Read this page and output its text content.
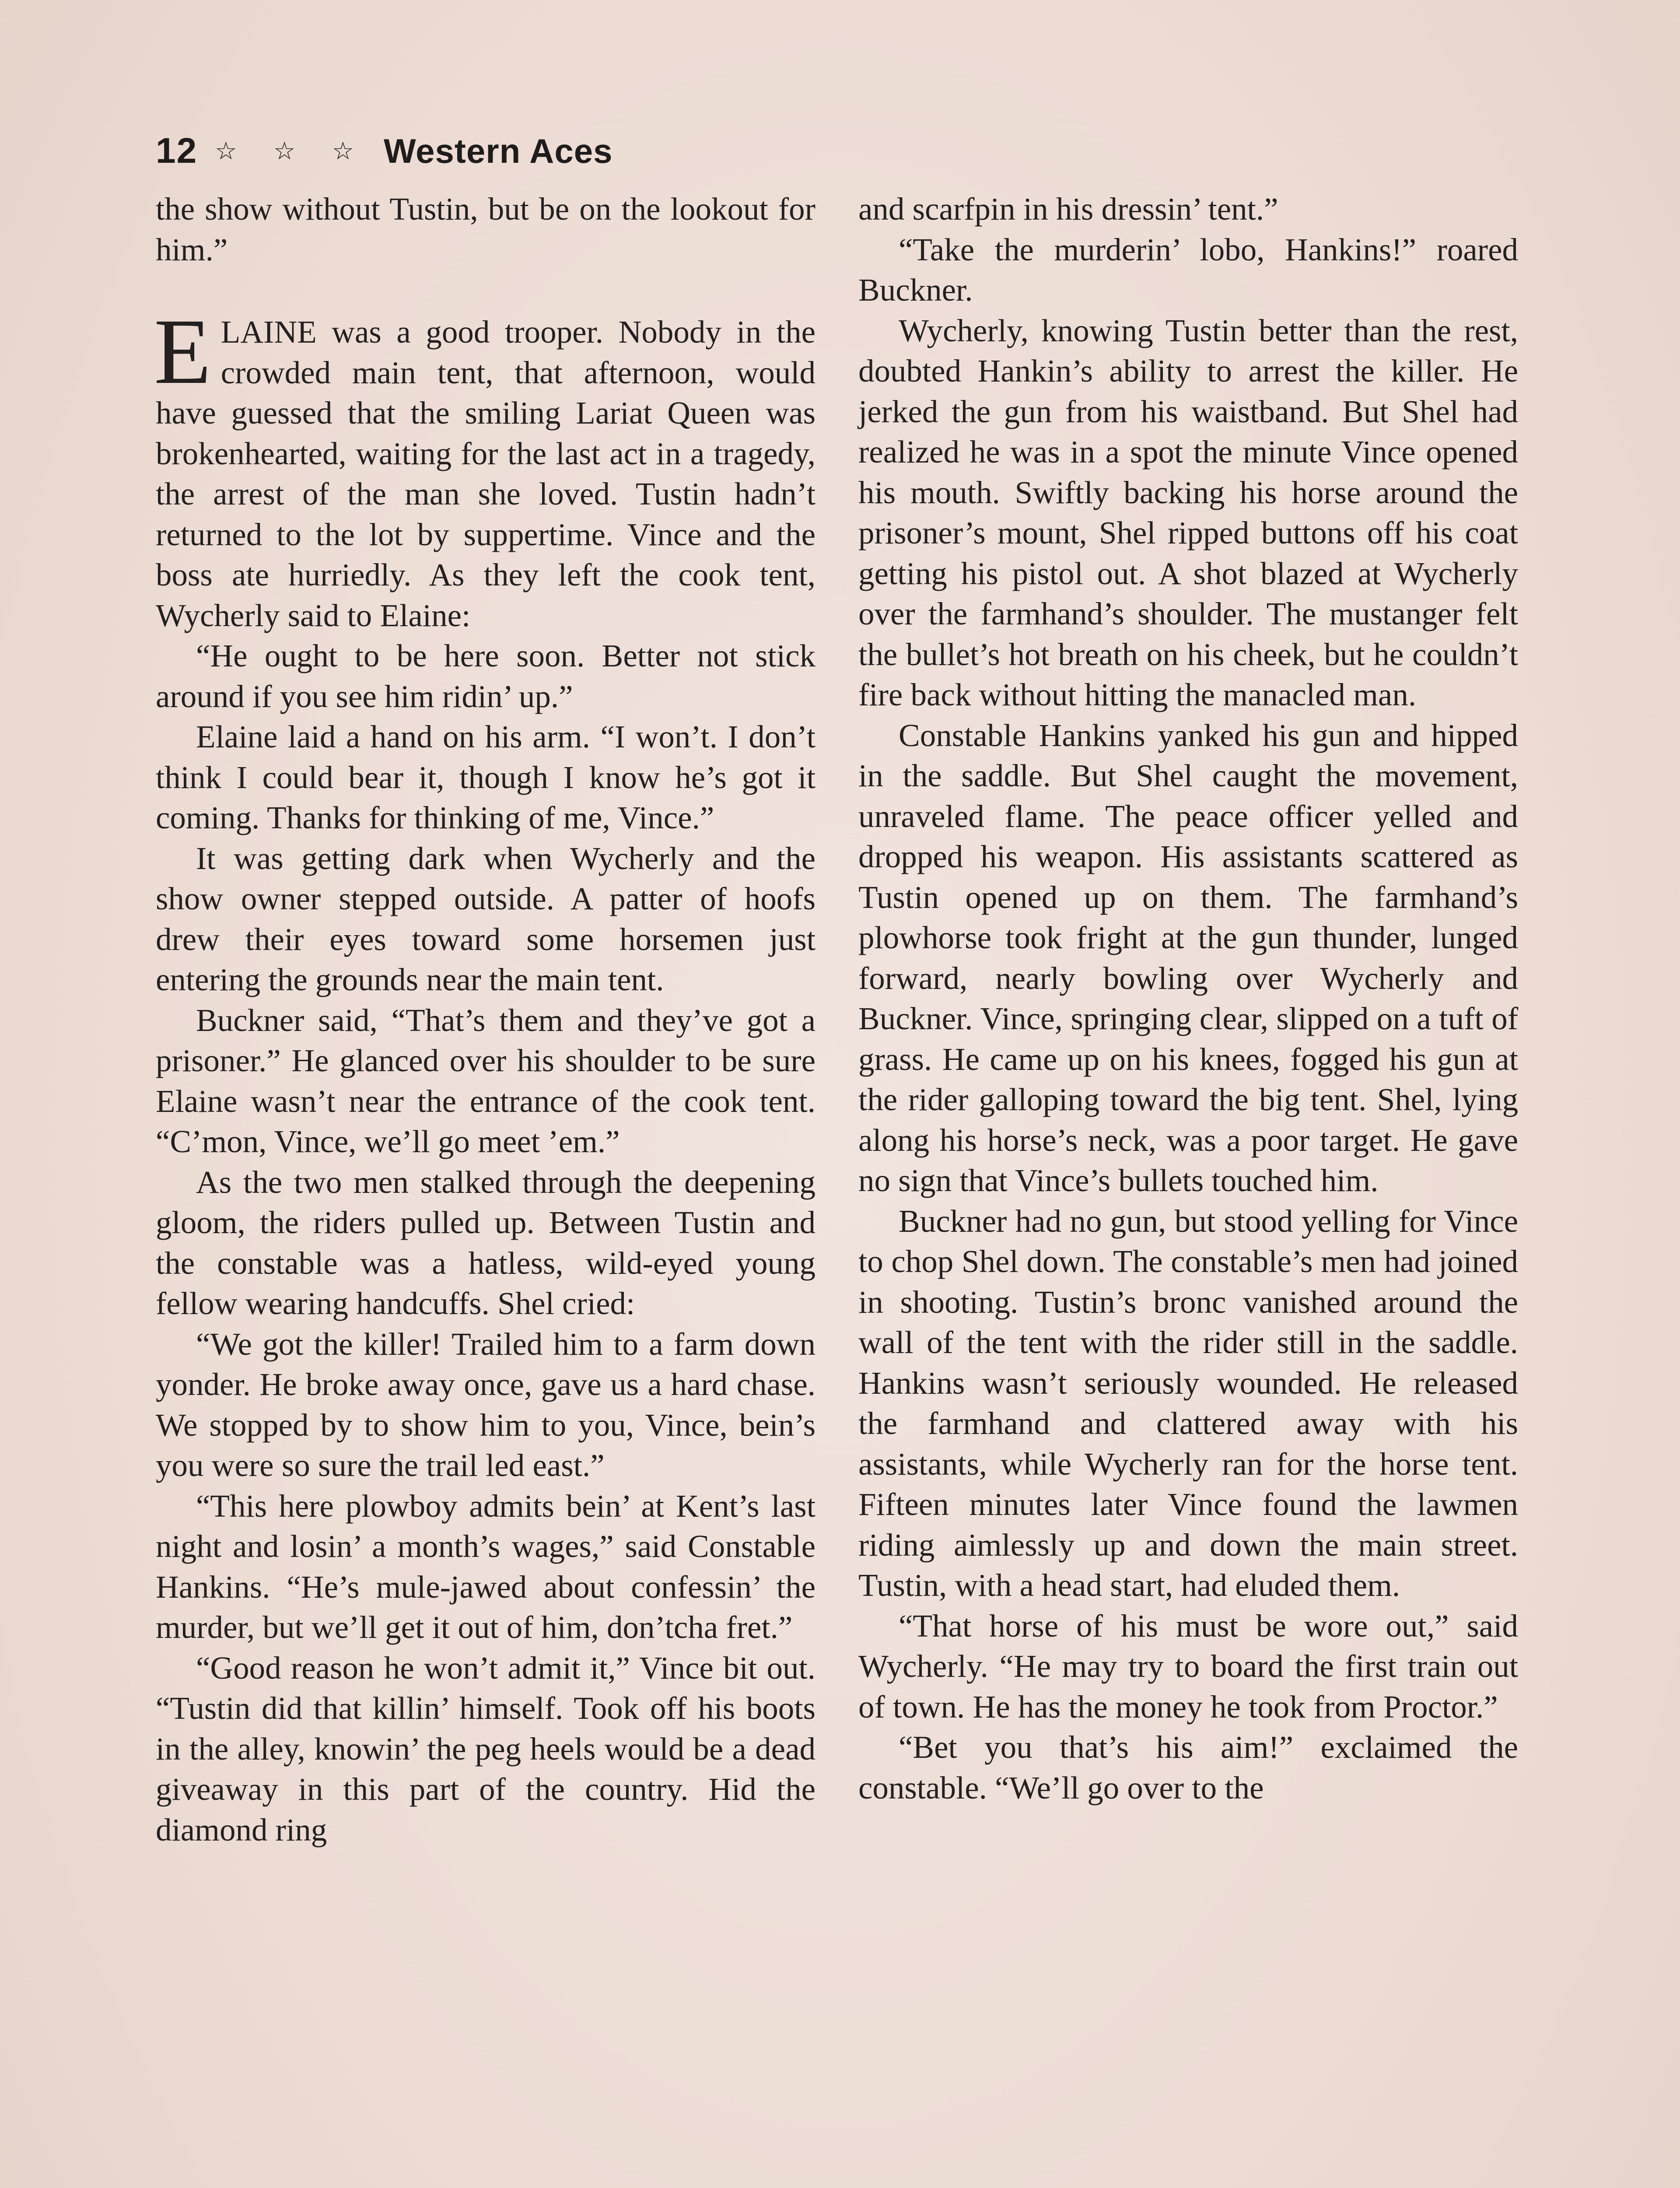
12 ☆ ☆ ☆ Western Aces

the show without Tustin, but be on the lookout for him.”

ELAINE was a good trooper. Nobody in the crowded main tent, that afternoon, would have guessed that the smiling Lariat Queen was brokenhearted, waiting for the last act in a tragedy, the arrest of the man she loved. Tustin hadn’t returned to the lot by suppertime. Vince and the boss ate hurriedly. As they left the cook tent, Wycherly said to Elaine:

“He ought to be here soon. Better not stick around if you see him ridin’ up.”

Elaine laid a hand on his arm. “I won’t. I don’t think I could bear it, though I know he’s got it coming. Thanks for thinking of me, Vince.”

It was getting dark when Wycherly and the show owner stepped outside. A patter of hoofs drew their eyes toward some horsemen just entering the grounds near the main tent.

Buckner said, “That’s them and they’ve got a prisoner.” He glanced over his shoulder to be sure Elaine wasn’t near the entrance of the cook tent. “C’mon, Vince, we’ll go meet ’em.”

As the two men stalked through the deepening gloom, the riders pulled up. Between Tustin and the constable was a hatless, wild-eyed young fellow wearing handcuffs. Shel cried:

“We got the killer! Trailed him to a farm down yonder. He broke away once, gave us a hard chase. We stopped by to show him to you, Vince, bein’s you were so sure the trail led east.”

“This here plowboy admits bein’ at Kent’s last night and losin’ a month’s wages,” said Constable Hankins. “He’s mule-jawed about confessin’ the murder, but we’ll get it out of him, don’tcha fret.”

“Good reason he won’t admit it,” Vince bit out. “Tustin did that killin’ himself. Took off his boots in the alley, knowin’ the peg heels would be a dead giveaway in this part of the country. Hid the diamond ring

and scarfpin in his dressin’ tent.”

“Take the murderin’ lobo, Hankins!” roared Buckner.

Wycherly, knowing Tustin better than the rest, doubted Hankin’s ability to arrest the killer. He jerked the gun from his waistband. But Shel had realized he was in a spot the minute Vince opened his mouth. Swiftly backing his horse around the prisoner’s mount, Shel ripped buttons off his coat getting his pistol out. A shot blazed at Wycherly over the farmhand’s shoulder. The mustanger felt the bullet’s hot breath on his cheek, but he couldn’t fire back without hitting the manacled man.

Constable Hankins yanked his gun and hipped in the saddle. But Shel caught the movement, unraveled flame. The peace officer yelled and dropped his weapon. His assistants scattered as Tustin opened up on them. The farmhand’s plowhorse took fright at the gun thunder, lunged forward, nearly bowling over Wycherly and Buckner. Vince, springing clear, slipped on a tuft of grass. He came up on his knees, fogged his gun at the rider galloping toward the big tent. Shel, lying along his horse’s neck, was a poor target. He gave no sign that Vince’s bullets touched him.

Buckner had no gun, but stood yelling for Vince to chop Shel down. The constable’s men had joined in shooting. Tustin’s bronc vanished around the wall of the tent with the rider still in the saddle. Hankins wasn’t seriously wounded. He released the farmhand and clattered away with his assistants, while Wycherly ran for the horse tent. Fifteen minutes later Vince found the lawmen riding aimlessly up and down the main street. Tustin, with a head start, had eluded them.

“That horse of his must be wore out,” said Wycherly. “He may try to board the first train out of town. He has the money he took from Proctor.”

“Bet you that’s his aim!” exclaimed the constable. “We’ll go over to the
